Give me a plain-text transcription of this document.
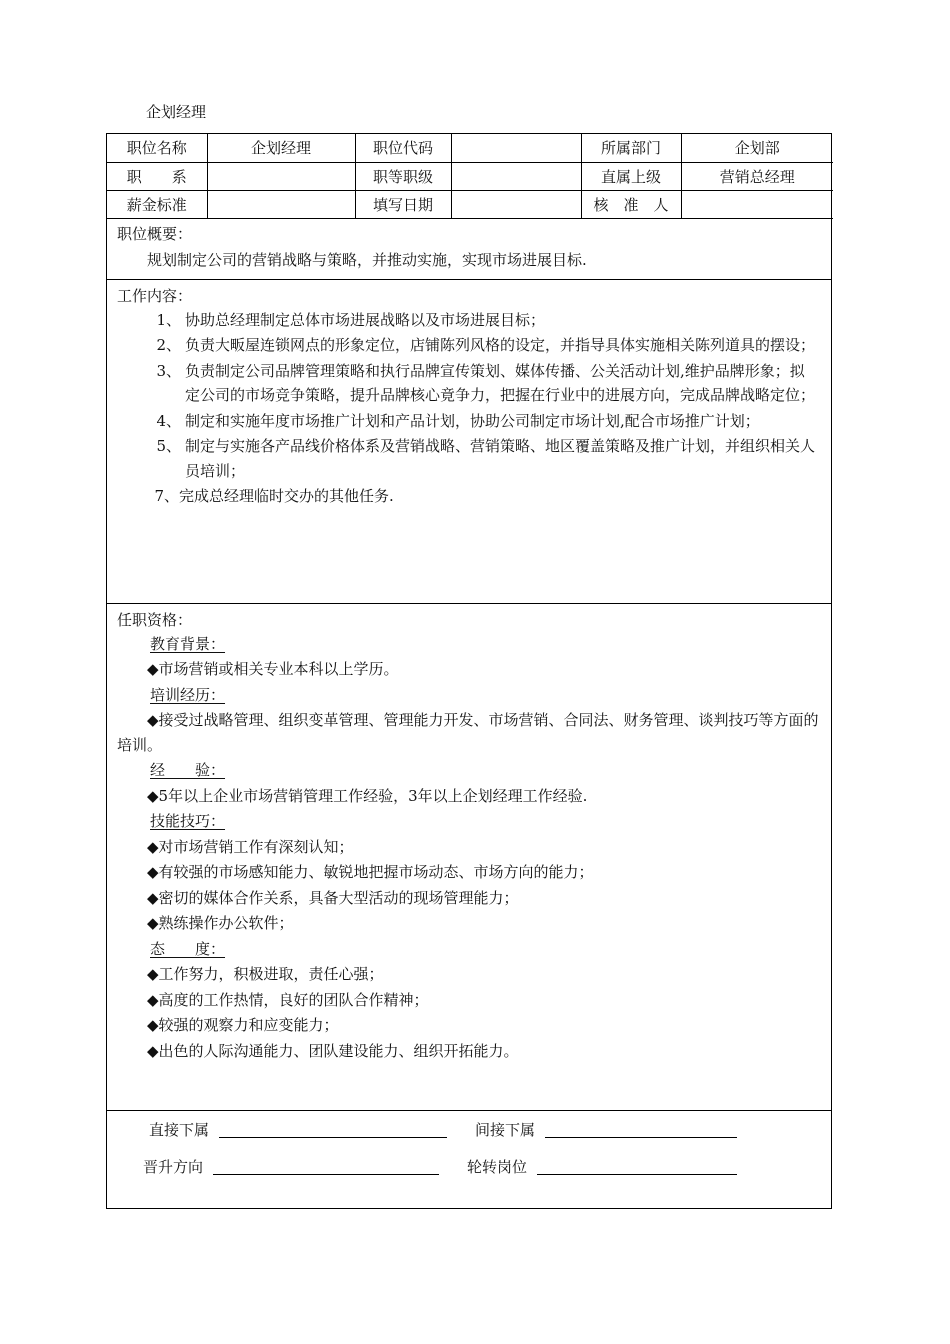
企划经理
职位名称	企划经理	职位代码		所属部门	企划部
职　　系		职等职级		直属上级	营销总经理
薪金标准		填写日期		核　准　人	
职位概要：
规划制定公司的营销战略与策略，并推动实施，实现市场进展目标.
工作内容：
1、 协助总经理制定总体市场进展战略以及市场进展目标；
2、 负责大畈屋连锁网点的形象定位，店铺陈列风格的设定，并指导具体实施相关陈列道具的摆设；
3、 负责制定公司品牌管理策略和执行品牌宣传策划、媒体传播、公关活动计划,维护品牌形象；拟定公司的市场竞争策略，提升品牌核心竟争力，把握在行业中的进展方向，完成品牌战略定位；
4、 制定和实施年度市场推广计划和产品计划，协助公司制定市场计划,配合市场推广计划；
5、 制定与实施各产品线价格体系及营销战略、营销策略、地区覆盖策略及推广计划，并组织相关人员培训；
7、 完成总经理临时交办的其他任务.
任职资格：
教育背景：
◆市场营销或相关专业本科以上学历。
培训经历：
◆接受过战略管理、组织变革管理、管理能力开发、市场营销、合同法、财务管理、谈判技巧等方面的培训。
经　　验：
◆5年以上企业市场营销管理工作经验，3年以上企划经理工作经验.
技能技巧：
◆对市场营销工作有深刻认知；
◆有较强的市场感知能力、敏锐地把握市场动态、市场方向的能力；
◆密切的媒体合作关系，具备大型活动的现场管理能力；
◆熟练操作办公软件；
态　　度：
◆工作努力，积极进取，责任心强；
◆高度的工作热情，良好的团队合作精神；
◆较强的观察力和应变能力；
◆出色的人际沟通能力、团队建设能力、组织开拓能力。
直接下属	间接下属
晋升方向	轮转岗位
